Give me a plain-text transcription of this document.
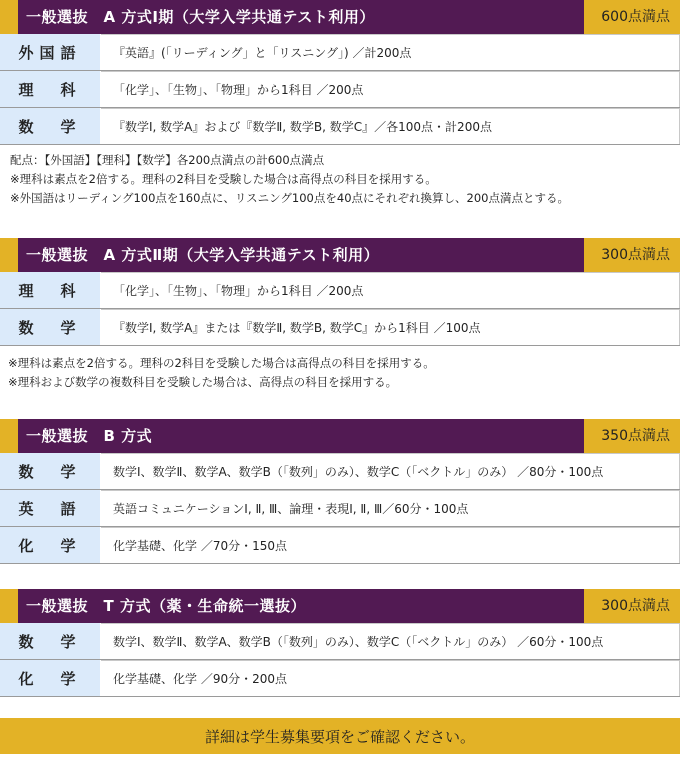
一般選抜　A 方式Ⅰ期（大学入学共通テスト利用）	600点満点
外国語	『英語』(「リーディング」と「リスニング」) ／計200点
理　科	「化学」、「生物」、「物理」から1科目 ／200点
数　学	『数学Ⅰ, 数学A』および『数学Ⅱ, 数学B, 数学C』／各100点・計200点
配点：【外国語】【理科】【数学】各200点満点の計600点満点
※理科は素点を2倍する。理科の2科目を受験した場合は高得点の科目を採用する。
※外国語はリーディング100点を160点に、リスニング100点を40点にそれぞれ換算し、200点満点とする。
一般選抜　A 方式Ⅱ期（大学入学共通テスト利用）	300点満点
理　科	「化学」、「生物」、「物理」から1科目 ／200点
数　学	『数学Ⅰ, 数学A』または『数学Ⅱ, 数学B, 数学C』から1科目 ／100点
※理科は素点を2倍する。理科の2科目を受験した場合は高得点の科目を採用する。
※理科および数学の複数科目を受験した場合は、高得点の科目を採用する。
一般選抜　B 方式	350点満点
数　学	数学Ⅰ、数学Ⅱ、数学A、数学B（「数列」のみ）、数学C（「ベクトル」のみ） ／80分・100点
英　語	英語コミュニケーションⅠ, Ⅱ, Ⅲ、論理・表現Ⅰ, Ⅱ, Ⅲ／60分・100点
化　学	化学基礎、化学 ／70分・150点
一般選抜　T 方式（薬・生命統一選抜）	300点満点
数　学	数学Ⅰ、数学Ⅱ、数学A、数学B（「数列」のみ）、数学C（「ベクトル」のみ） ／60分・100点
化　学	化学基礎、化学 ／90分・200点
詳細は学生募集要項をご確認ください。
